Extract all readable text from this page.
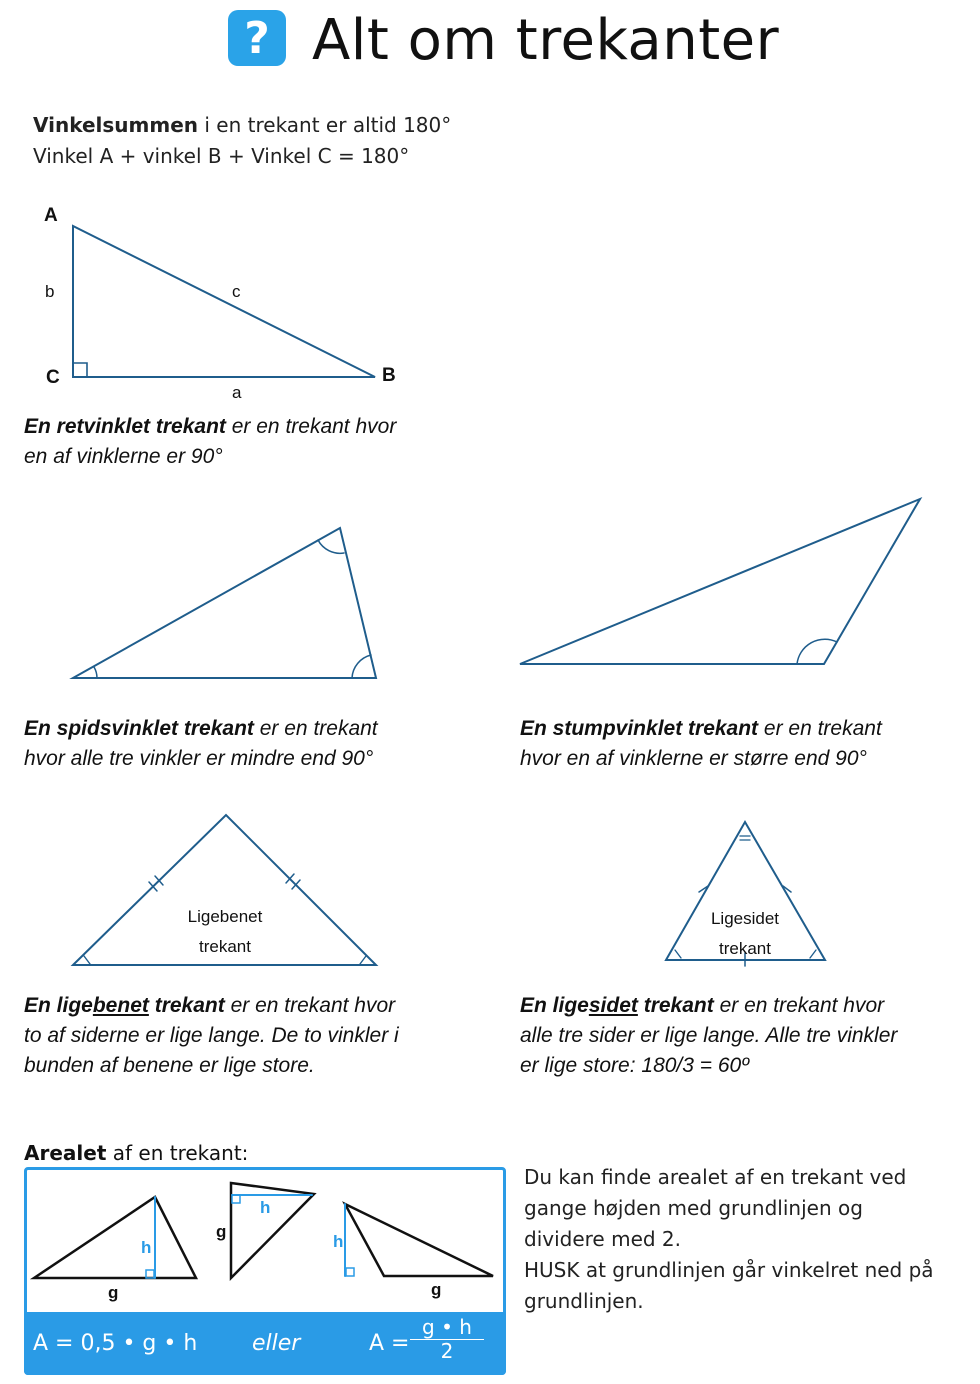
? Alt om trekanter
Vinkelsummen i en trekant er altid 180°
Vinkel A + vinkel B + Vinkel C = 180°
A
B
C
a
b	c
En retvinklet trekant er en trekant hvor
en af vinklerne er 90°
En spidsvinklet trekant er en trekant
hvor alle tre vinkler er mindre end 90°
En stumpvinklet trekant er en trekant
hvor en af vinklerne er større end 90°
Ligebenet
trekant
Ligesidet
trekant
En ligebenet trekant er en trekant hvor
to af siderne er lige lange. De to vinkler i
bunden af benene er lige store.
En ligesidet trekant er en trekant hvor
alle tre sider er lige lange. Alle tre vinkler
er lige store: 180/3 = 60º
Arealet af en trekant:
h
g
h
g
h
g
A = 0,5 • g • h eller	$A = \frac{g • h}{2}$
Du kan finde arealet af en trekant ved
gange højden med grundlinjen og
dividere med 2.
HUSK at grundlinjen går vinkelret ned på
grundlinjen.
